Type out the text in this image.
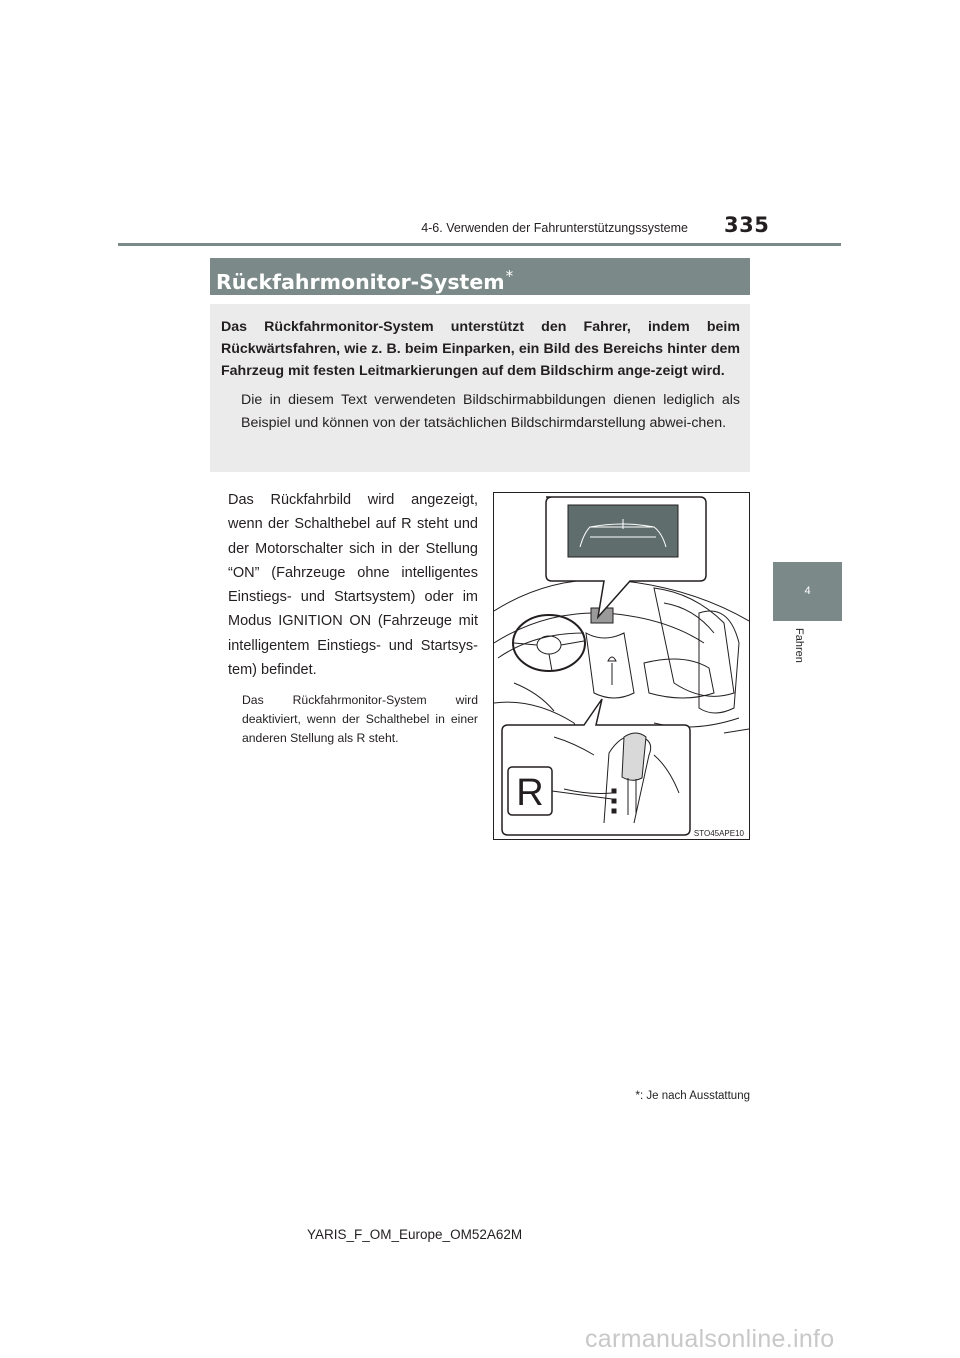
4-6. Verwenden der Fahrunterstützungssysteme 335
4
Fahren
Rückfahrmonitor-System*

Das Rückfahrmonitor-System unterstützt den Fahrer, indem beim Rückwärtsfahren, wie z. B. beim Einparken, ein Bild des Bereichs hinter dem Fahrzeug mit festen Leitmarkierungen auf dem Bildschirm ange-zeigt wird.

Die in diesem Text verwendeten Bildschirmabbildungen dienen lediglich als Beispiel und können von der tatsächlichen Bildschirmdarstellung abwei-chen.

Das Rückfahrbild wird angezeigt, wenn der Schalthebel auf R steht und der Motorschalter sich in der Stellung “ON” (Fahrzeuge ohne intelligentes Einstiegs- und Startsystem) oder im Modus IGNITION ON (Fahrzeuge mit intelligentem Einstiegs- und Startsys-tem) befindet.

Das Rückfahrmonitor-System wird deaktiviert, wenn der Schalthebel in einer anderen Stellung als R steht.

R
STO45APE10
*: Je nach Ausstattung
YARIS_F_OM_Europe_OM52A62M
carmanualsonline.info
